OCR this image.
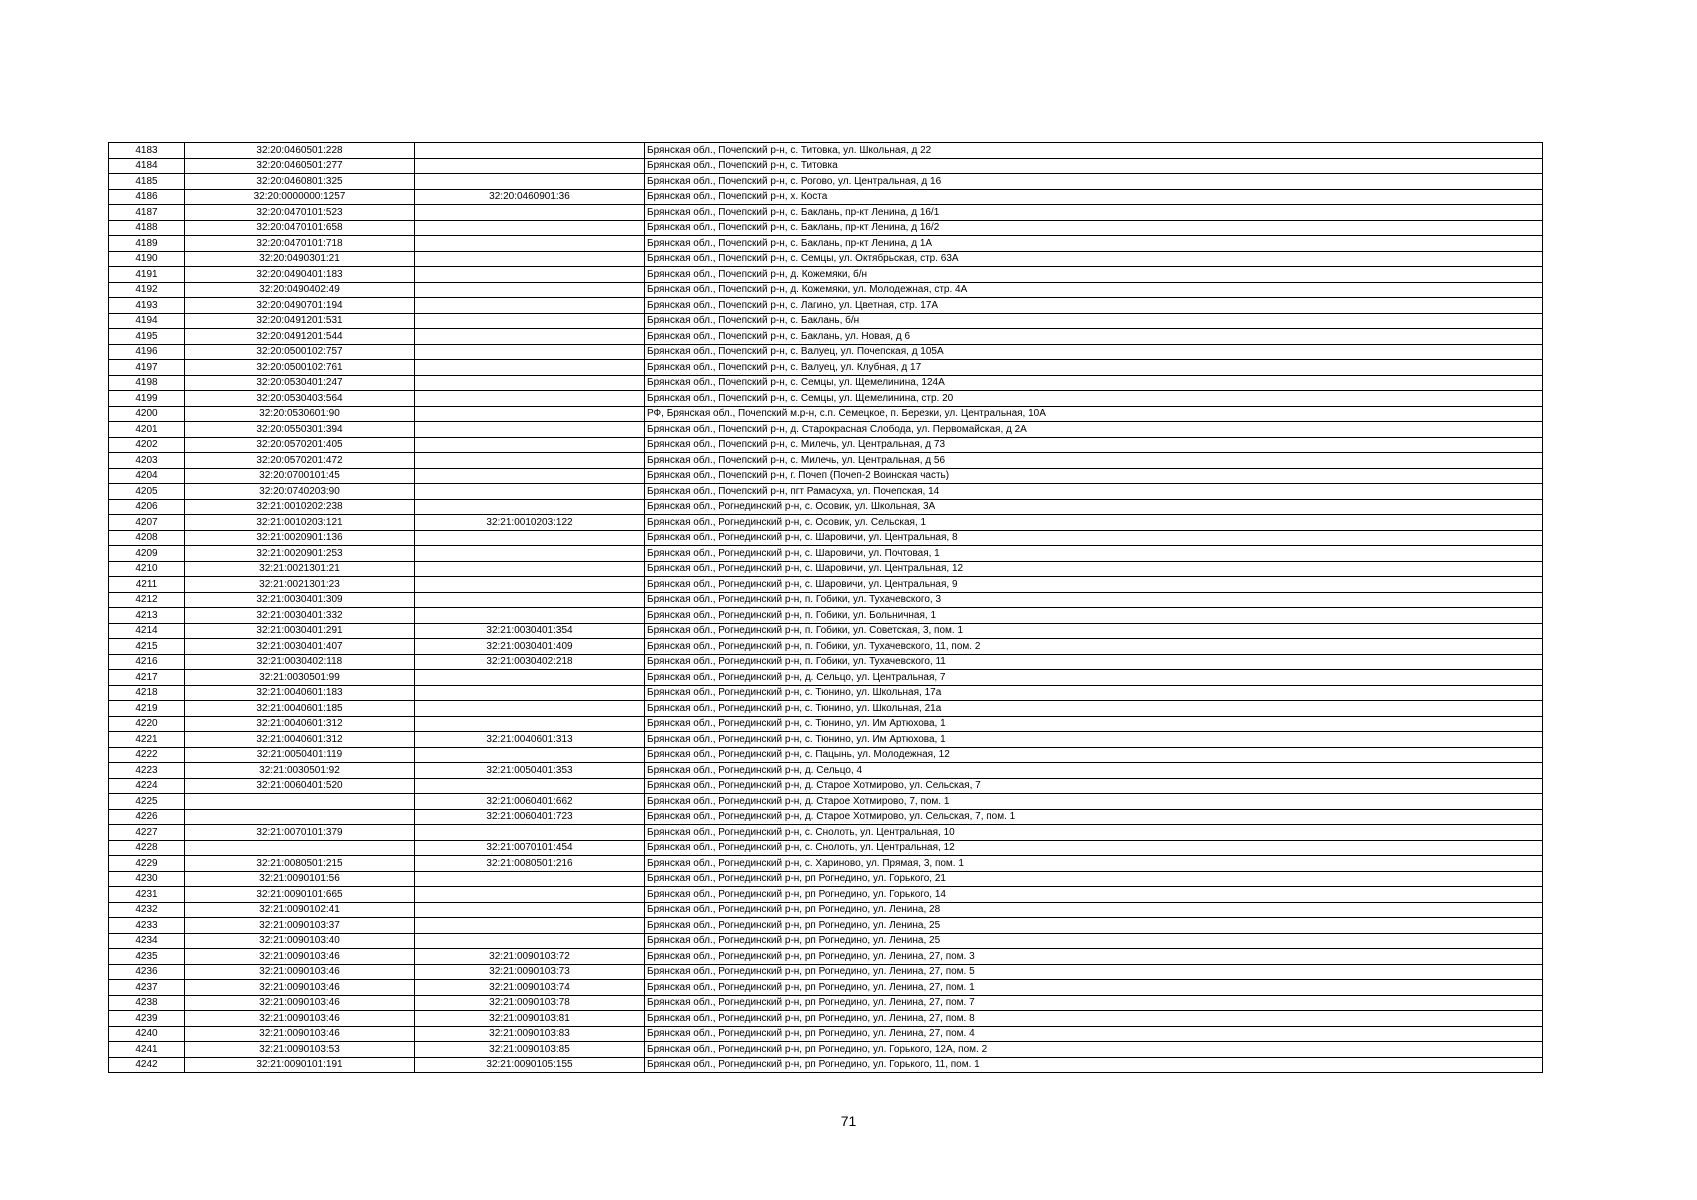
4183	32:20:0460501:228		Брянская обл., Почепский р-н, с. Титовка, ул. Школьная, д 22
4184	32:20:0460501:277		Брянская обл., Почепский р-н, с. Титовка
4185	32:20:0460801:325		Брянская обл., Почепский р-н, с. Рогово, ул. Центральная, д 16
4186	32:20:0000000:1257	32:20:0460901:36	Брянская обл., Почепский р-н, х. Коста
4187	32:20:0470101:523		Брянская обл., Почепский р-н, с. Баклань, пр-кт Ленина, д 16/1
4188	32:20:0470101:658		Брянская обл., Почепский р-н, с. Баклань, пр-кт Ленина, д 16/2
4189	32:20:0470101:718		Брянская обл., Почепский р-н, с. Баклань, пр-кт Ленина, д 1А
4190	32:20:0490301:21		Брянская обл., Почепский р-н, с. Семцы, ул. Октябрьская, стр. 63А
4191	32:20:0490401:183		Брянская обл., Почепский р-н, д. Кожемяки, б/н
4192	32:20:0490402:49		Брянская обл., Почепский р-н, д. Кожемяки, ул. Молодежная, стр. 4А
4193	32:20:0490701:194		Брянская обл., Почепский р-н, с. Лагино, ул. Цветная, стр. 17А
4194	32:20:0491201:531		Брянская обл., Почепский р-н, с. Баклань, б/н
4195	32:20:0491201:544		Брянская обл., Почепский р-н, с. Баклань, ул. Новая, д 6
4196	32:20:0500102:757		Брянская обл., Почепский р-н, с. Валуец, ул. Почепская, д 105А
4197	32:20:0500102:761		Брянская обл., Почепский р-н, с. Валуец, ул. Клубная, д 17
4198	32:20:0530401:247		Брянская обл., Почепский р-н, с. Семцы, ул. Щемелинина, 124А
4199	32:20:0530403:564		Брянская обл., Почепский р-н, с. Семцы, ул. Щемелинина, стр. 20
4200	32:20:0530601:90		РФ, Брянская обл., Почепский м.р-н, с.п. Семецкое, п. Березки, ул. Центральная, 10А
4201	32:20:0550301:394		Брянская обл., Почепский р-н, д. Старокрасная Слобода, ул. Первомайская, д 2А
4202	32:20:0570201:405		Брянская обл., Почепский р-н, с. Милечь, ул. Центральная, д 73
4203	32:20:0570201:472		Брянская обл., Почепский р-н, с. Милечь, ул. Центральная, д 56
4204	32:20:0700101:45		Брянская обл., Почепский р-н, г. Почеп (Почеп-2 Воинская часть)
4205	32:20:0740203:90		Брянская обл., Почепский р-н, пгт Рамасуха, ул. Почепская, 14
4206	32:21:0010202:238		Брянская обл., Рогнединский р-н, с. Осовик, ул. Школьная, 3А
4207	32:21:0010203:121	32:21:0010203:122	Брянская обл., Рогнединский р-н, с. Осовик, ул. Сельская, 1
4208	32:21:0020901:136		Брянская обл., Рогнединский р-н, с. Шаровичи, ул. Центральная, 8
4209	32:21:0020901:253		Брянская обл., Рогнединский р-н, с. Шаровичи, ул. Почтовая, 1
4210	32:21:0021301:21		Брянская обл., Рогнединский р-н, с. Шаровичи, ул. Центральная, 12
4211	32:21:0021301:23		Брянская обл., Рогнединский р-н, с. Шаровичи, ул. Центральная, 9
4212	32:21:0030401:309		Брянская обл., Рогнединский р-н, п. Гобики, ул. Тухачевского, 3
4213	32:21:0030401:332		Брянская обл., Рогнединский р-н, п. Гобики, ул. Больничная, 1
4214	32:21:0030401:291	32:21:0030401:354	Брянская обл., Рогнединский р-н, п. Гобики, ул. Советская, 3, пом. 1
4215	32:21:0030401:407	32:21:0030401:409	Брянская обл., Рогнединский р-н, п. Гобики, ул. Тухачевского, 11, пом. 2
4216	32:21:0030402:118	32:21:0030402:218	Брянская обл., Рогнединский р-н, п. Гобики, ул. Тухачевского, 11
4217	32:21:0030501:99		Брянская обл., Рогнединский р-н, д. Сельцо, ул. Центральная, 7
4218	32:21:0040601:183		Брянская обл., Рогнединский р-н, с. Тюнино, ул. Школьная, 17а
4219	32:21:0040601:185		Брянская обл., Рогнединский р-н, с. Тюнино, ул. Школьная, 21а
4220	32:21:0040601:312		Брянская обл., Рогнединский р-н, с. Тюнино, ул. Им Артюхова, 1
4221	32:21:0040601:312	32:21:0040601:313	Брянская обл., Рогнединский р-н, с. Тюнино, ул. Им Артюхова, 1
4222	32:21:0050401:119		Брянская обл., Рогнединский р-н, с. Пацынь, ул. Молодежная, 12
4223	32:21:0030501:92	32:21:0050401:353	Брянская обл., Рогнединский р-н, д. Сельцо, 4
4224	32:21:0060401:520		Брянская обл., Рогнединский р-н, д. Старое Хотмирово, ул. Сельская, 7
4225		32:21:0060401:662	Брянская обл., Рогнединский р-н, д. Старое Хотмирово, 7, пом. 1
4226		32:21:0060401:723	Брянская обл., Рогнединский р-н, д. Старое Хотмирово, ул. Сельская, 7, пом. 1
4227	32:21:0070101:379		Брянская обл., Рогнединский р-н, с. Снолоть, ул. Центральная, 10
4228		32:21:0070101:454	Брянская обл., Рогнединский р-н, с. Снолоть, ул. Центральная, 12
4229	32:21:0080501:215	32:21:0080501:216	Брянская обл., Рогнединский р-н, с. Хариново, ул. Прямая, 3, пом. 1
4230	32:21:0090101:56		Брянская обл., Рогнединский р-н, рп Рогнедино, ул. Горького, 21
4231	32:21:0090101:665		Брянская обл., Рогнединский р-н, рп Рогнедино, ул. Горького, 14
4232	32:21:0090102:41		Брянская обл., Рогнединский р-н, рп Рогнедино, ул. Ленина, 28
4233	32:21:0090103:37		Брянская обл., Рогнединский р-н, рп Рогнедино, ул. Ленина, 25
4234	32:21:0090103:40		Брянская обл., Рогнединский р-н, рп Рогнедино, ул. Ленина, 25
4235	32:21:0090103:46	32:21:0090103:72	Брянская обл., Рогнединский р-н, рп Рогнедино, ул. Ленина, 27, пом. 3
4236	32:21:0090103:46	32:21:0090103:73	Брянская обл., Рогнединский р-н, рп Рогнедино, ул. Ленина, 27, пом. 5
4237	32:21:0090103:46	32:21:0090103:74	Брянская обл., Рогнединский р-н, рп Рогнедино, ул. Ленина, 27, пом. 1
4238	32:21:0090103:46	32:21:0090103:78	Брянская обл., Рогнединский р-н, рп Рогнедино, ул. Ленина, 27, пом. 7
4239	32:21:0090103:46	32:21:0090103:81	Брянская обл., Рогнединский р-н, рп Рогнедино, ул. Ленина, 27, пом. 8
4240	32:21:0090103:46	32:21:0090103:83	Брянская обл., Рогнединский р-н, рп Рогнедино, ул. Ленина, 27, пом. 4
4241	32:21:0090103:53	32:21:0090103:85	Брянская обл., Рогнединский р-н, рп Рогнедино, ул. Горького, 12А, пом. 2
4242	32:21:0090101:191	32:21:0090105:155	Брянская обл., Рогнединский р-н, рп Рогнедино, ул. Горького, 11, пом. 1
71
